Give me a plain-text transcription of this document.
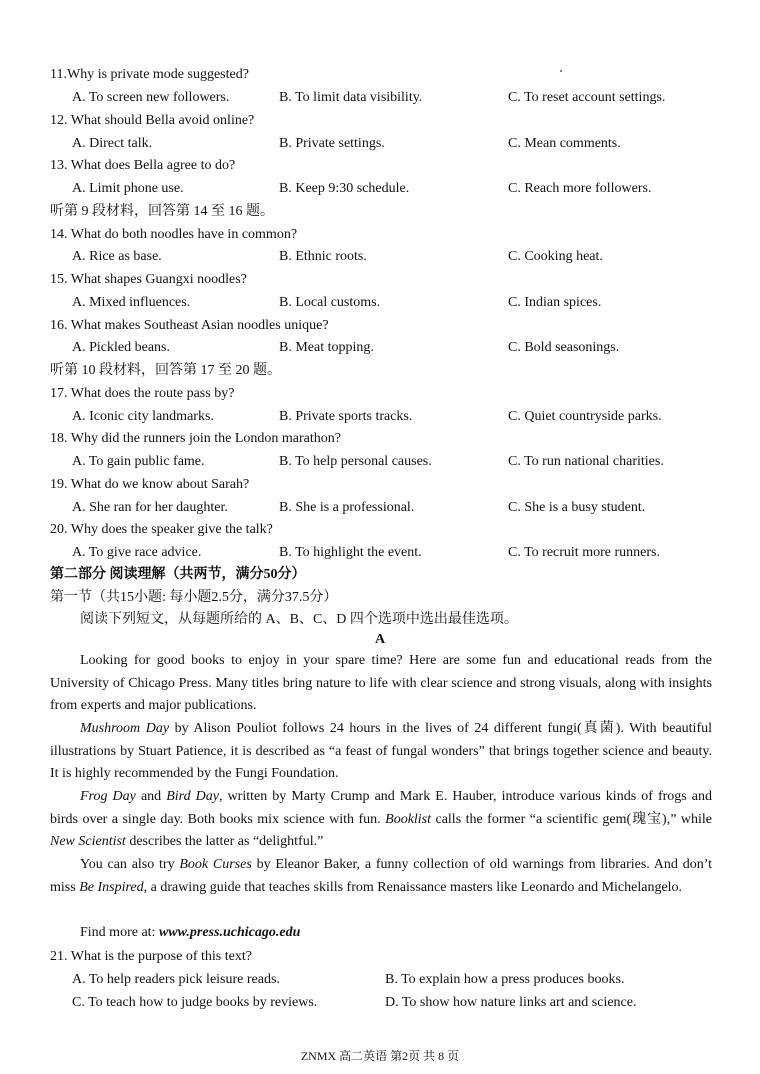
11.Why is private mode suggested?
A. To screen new followers.	B. To limit data visibility.	C. To reset account settings.
12. What should Bella avoid online?
A. Direct talk.	B. Private settings.	C. Mean comments.
13. What does Bella agree to do?
A. Limit phone use.	B. Keep 9:30 schedule.	C. Reach more followers.
听第 9 段材料，回答第 14 至 16 题。
14. What do both noodles have in common?
A. Rice as base.	B. Ethnic roots.	C. Cooking heat.
15. What shapes Guangxi noodles?
A. Mixed influences.	B. Local customs.	C. Indian spices.
16. What makes Southeast Asian noodles unique?
A. Pickled beans.	B. Meat topping.	C. Bold seasonings.
听第 10 段材料，回答第 17 至 20 题。
17. What does the route pass by?
A. Iconic city landmarks.	B. Private sports tracks.	C. Quiet countryside parks.
18. Why did the runners join the London marathon?
A. To gain public fame.	B. To help personal causes.	C. To run national charities.
19. What do we know about Sarah?
A. She ran for her daughter.	B. She is a professional.	C. She is a busy student.
20. Why does the speaker give the talk?
A. To give race advice.	B. To highlight the event.	C. To recruit more runners.
第二部分 阅读理解（共两节，满分50分）
第一节（共15小题: 每小题2.5分，满分37.5分）
阅读下列短文，从每题所给的 A、B、C、D 四个选项中选出最佳选项。
A
Looking for good books to enjoy in your spare time? Here are some fun and educational reads from the University of Chicago Press. Many titles bring nature to life with clear science and strong visuals, along with insights from experts and major publications.
Mushroom Day by Alison Pouliot follows 24 hours in the lives of 24 different fungi(真菌). With beautiful illustrations by Stuart Patience, it is described as “a feast of fungal wonders” that brings together science and beauty. It is highly recommended by the Fungi Foundation.
Frog Day and Bird Day, written by Marty Crump and Mark E. Hauber, introduce various kinds of frogs and birds over a single day. Both books mix science with fun. Booklist calls the former “a scientific gem(瑰宝),” while New Scientist describes the latter as “delightful.”
You can also try Book Curses by Eleanor Baker, a funny collection of old warnings from libraries. And don’t miss Be Inspired, a drawing guide that teaches skills from Renaissance masters like Leonardo and Michelangelo.
Find more at: www.press.uchicago.edu
21. What is the purpose of this text?
A. To help readers pick leisure reads.	B. To explain how a press produces books.
C. To teach how to judge books by reviews.	D. To show how nature links art and science.
ZNMX 高二英语 第2页 共 8 页
